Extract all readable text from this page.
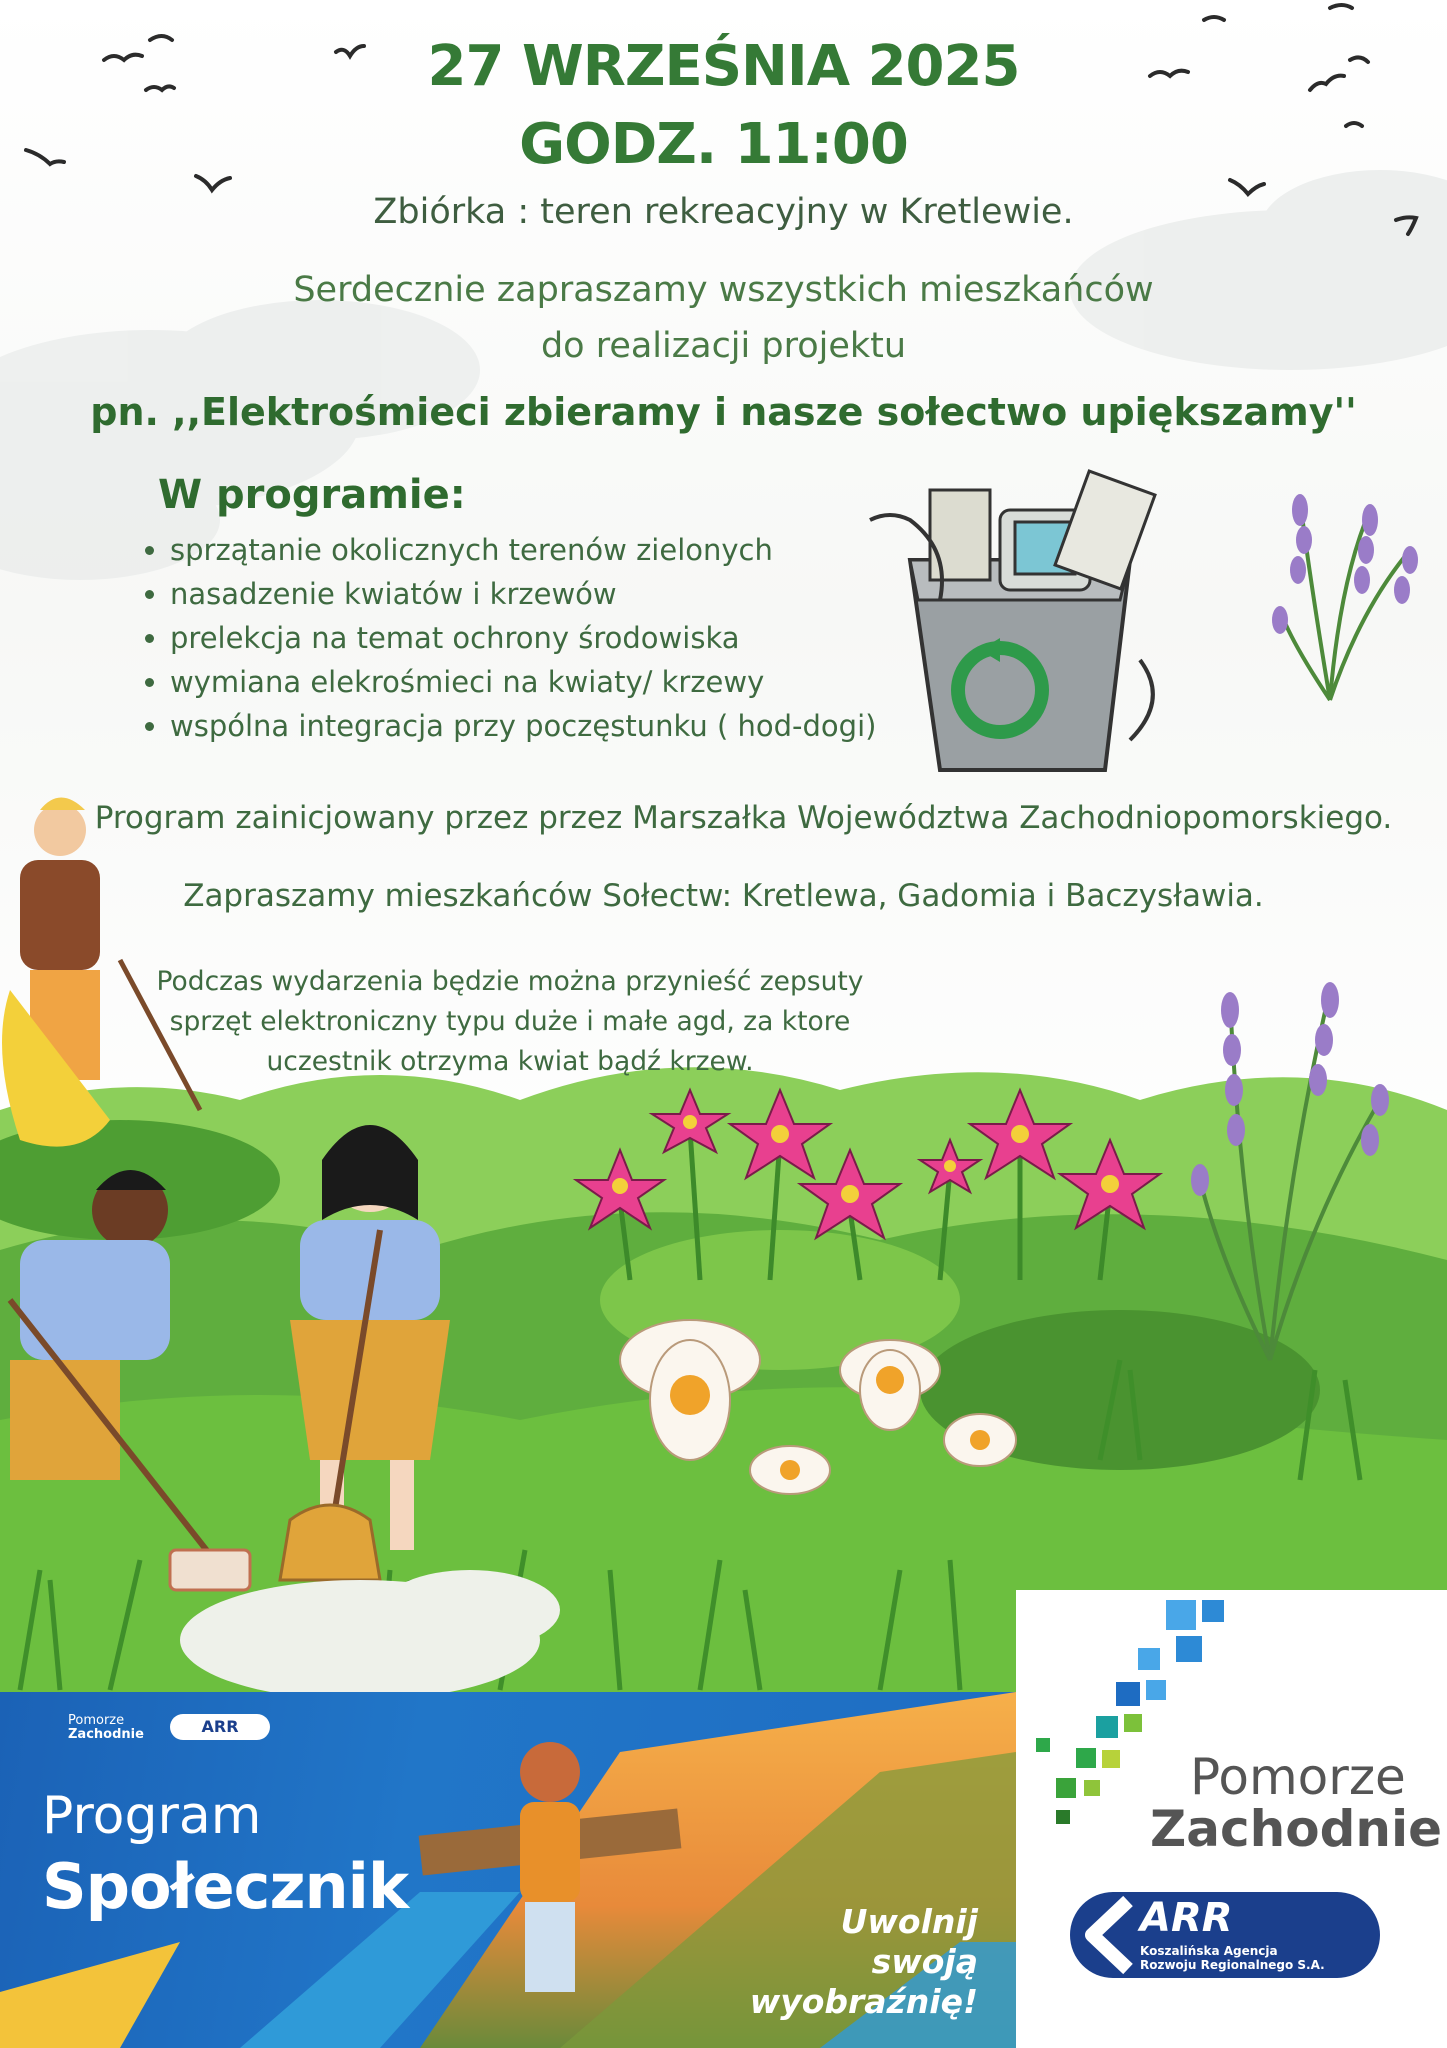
27 WRZEŚNIA 2025
GODZ. 11:00
Zbiórka : teren rekreacyjny w Kretlewie.
Serdecznie zapraszamy wszystkich mieszkańców
do realizacji projektu
pn. ,,Elektrośmieci zbieramy i nasze sołectwo upiększamy''
W programie:
• sprzątanie okolicznych terenów zielonych
• nasadzenie kwiatów i krzewów
• prelekcja na temat ochrony środowiska
• wymiana elekrośmieci na kwiaty/ krzewy
• wspólna integracja przy poczęstunku ( hod-dogi)
Program zainicjowany przez przez Marszałka Województwa Zachodniopomorskiego.
Zapraszamy mieszkańców Sołectw: Kretlewa, Gadomia i Baczysławia.
Podczas wydarzenia będzie można przynieść zepsuty
sprzęt elektroniczny typu duże i małe agd, za ktore
uczestnik otrzyma kwiat bądź krzew.
Pomorze
Zachodnie	ARR
Program
Społecznik	Uwolnij
swoją
wyobraźnię!
Pomorze
Zachodnie
ARR
Koszalińska Agencja
Rozwoju Regionalnego S.A.
